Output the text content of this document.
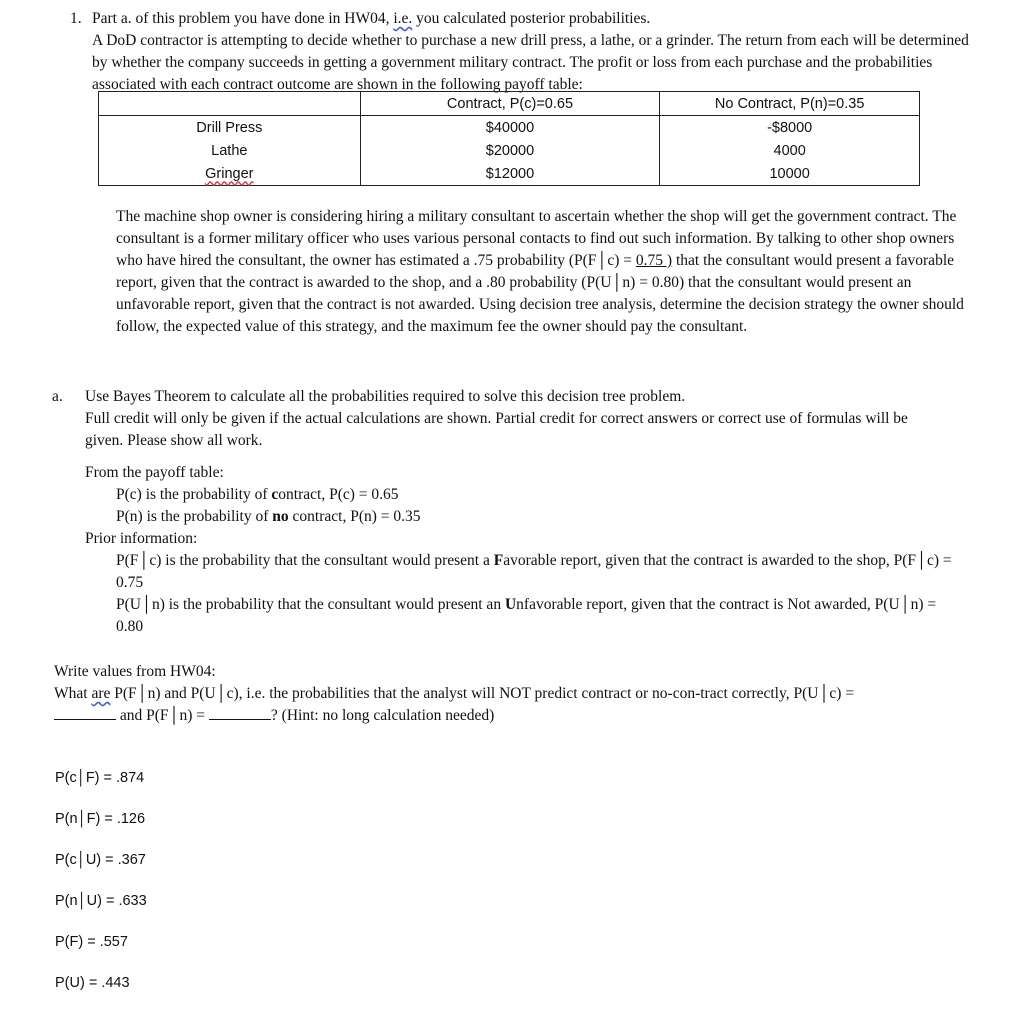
1. Part a. of this problem you have done in HW04, i.e. you calculated posterior probabilities.

A DoD contractor is attempting to decide whether to purchase a new drill press, a lathe, or a grinder. The return from each will be determined by whether the company succeeds in getting a government military contract. The profit or loss from each purchase and the probabilities associated with each contract outcome are shown in the following payoff table:

	Contract, P(c)=0.65	No Contract, P(n)=0.35
Drill Press	$40000	-$8000
Lathe	$20000	4000
Gringer	$12000	10000

The machine shop owner is considering hiring a military consultant to ascertain whether the shop will get the government contract. The consultant is a former military officer who uses various personal contacts to find out such information. By talking to other shop owners who have hired the consultant, the owner has estimated a .75 probability (P(F│c) = 0.75 ) that the consultant would present a favorable report, given that the contract is awarded to the shop, and a .80 probability (P(U│n) = 0.80) that the consultant would present an unfavorable report, given that the contract is not awarded. Using decision tree analysis, determine the decision strategy the owner should follow, the expected value of this strategy, and the maximum fee the owner should pay the consultant.

a. Use Bayes Theorem to calculate all the probabilities required to solve this decision tree problem.

Full credit will only be given if the actual calculations are shown. Partial credit for correct answers or correct use of formulas will be given. Please show all work.

From the payoff table:

P(c) is the probability of contract, P(c) = 0.65

P(n) is the probability of no contract, P(n) = 0.35

Prior information:

P(F│c) is the probability that the consultant would present a Favorable report, given that the contract is awarded to the shop, P(F│c) = 0.75

P(U│n) is the probability that the consultant would present an Unfavorable report, given that the contract is Not awarded, P(U│n) = 0.80

Write values from HW04:

What are P(F│n) and P(U│c), i.e. the probabilities that the analyst will NOT predict contract or no-con-tract correctly, P(U│c) =
and P(F│n) =	? (Hint: no long calculation needed)

P(c│F) = .874

P(n│F) = .126

P(c│U) = .367

P(n│U) = .633

P(F) = .557

P(U) = .443
